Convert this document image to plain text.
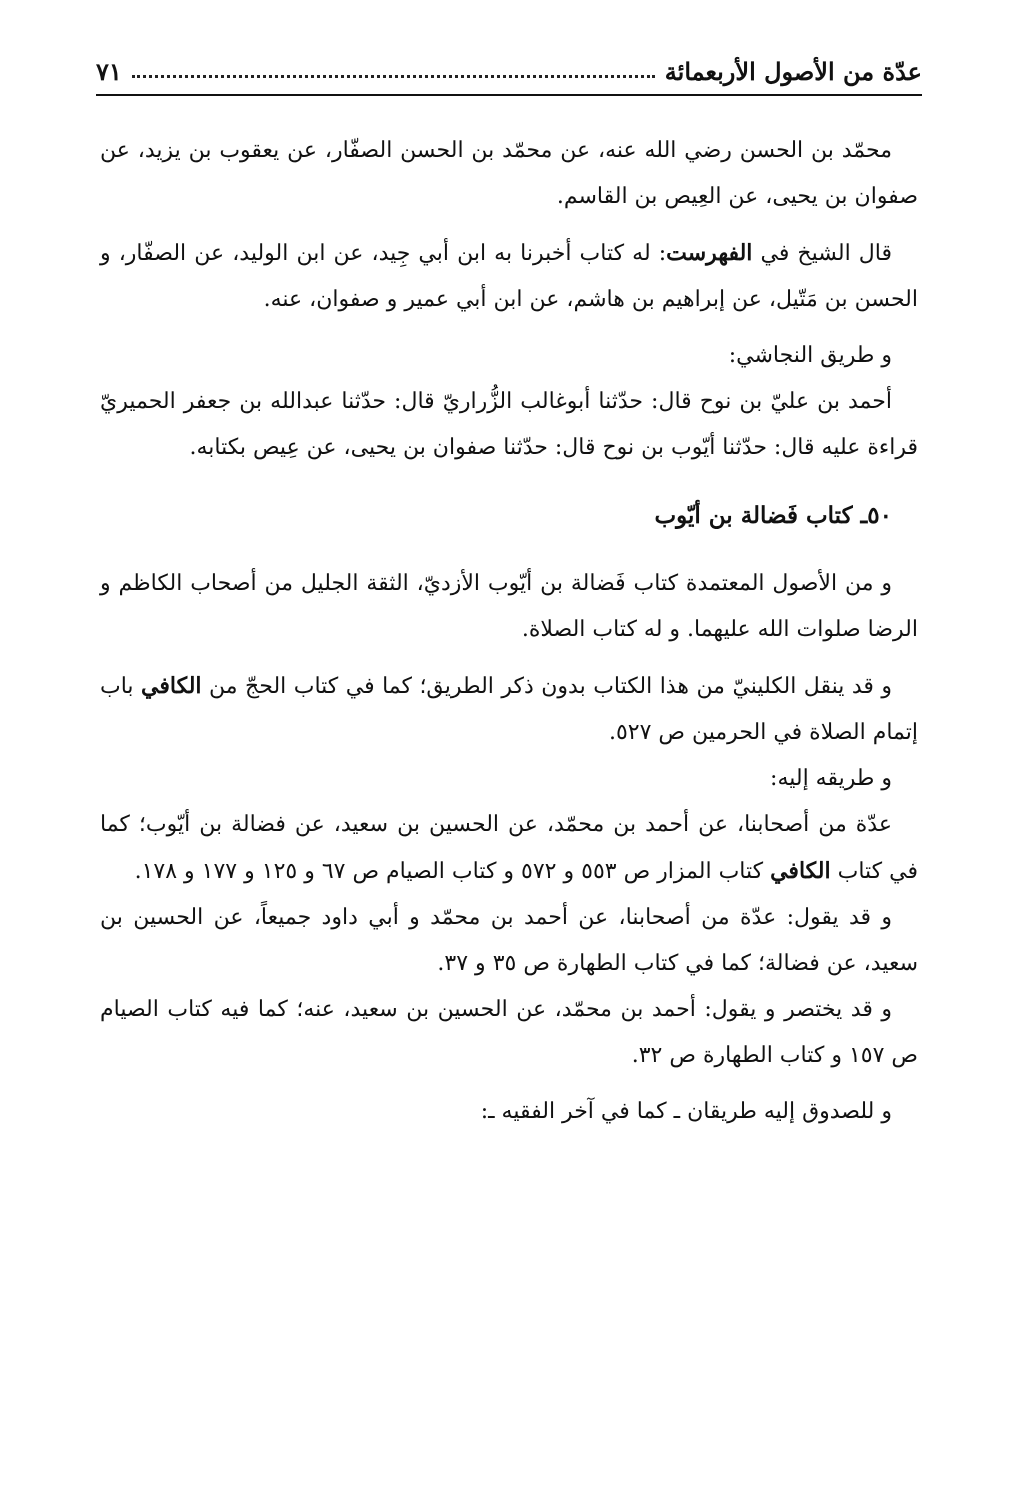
عدّة من الأصول الأربعمائة
٧١

محمّد بن الحسن رضي الله عنه، عن محمّد بن الحسن الصفّار، عن يعقوب بن يزيد، عن صفوان بن يحيى، عن العِيص بن القاسم.

قال الشيخ في الفهرست: له كتاب أخبرنا به ابن أبي جِيد، عن ابن الوليد، عن الصفّار، و الحسن بن مَتّيل، عن إبراهيم بن هاشم، عن ابن أبي عمير و صفوان، عنه.

و طريق النجاشي:

أحمد بن عليّ بن نوح قال: حدّثنا أبوغالب الزُّراريّ قال: حدّثنا عبدالله بن جعفر الحميريّ قراءة عليه قال: حدّثنا أيّوب بن نوح قال: حدّثنا صفوان بن يحيى، عن عِيص بكتابه.

٥٠ـ كتاب فَضالة بن أيّوب

و من الأصول المعتمدة كتاب فَضالة بن أيّوب الأزديّ، الثقة الجليل من أصحاب الكاظم و الرضا صلوات الله عليهما. و له كتاب الصلاة.

و قد ينقل الكلينيّ من هذا الكتاب بدون ذكر الطريق؛ كما في كتاب الحجّ من الكافي باب إتمام الصلاة في الحرمين ص ٥٢٧.

و طريقه إليه:

عدّة من أصحابنا، عن أحمد بن محمّد، عن الحسين بن سعيد، عن فضالة بن أيّوب؛ كما في كتاب الكافي كتاب المزار ص ٥٥٣ و ٥٧٢ و كتاب الصيام ص ٦٧ و ١٢٥ و ١٧٧ و ١٧٨.

و قد يقول: عدّة من أصحابنا، عن أحمد بن محمّد و أبي داود جميعاً، عن الحسين بن سعيد، عن فضالة؛ كما في كتاب الطهارة ص ٣٥ و ٣٧.

و قد يختصر و يقول: أحمد بن محمّد، عن الحسين بن سعيد، عنه؛ كما فيه كتاب الصيام ص ١٥٧ و كتاب الطهارة ص ٣٢.

و للصدوق إليه طريقان ـ كما في آخر الفقيه ـ:
